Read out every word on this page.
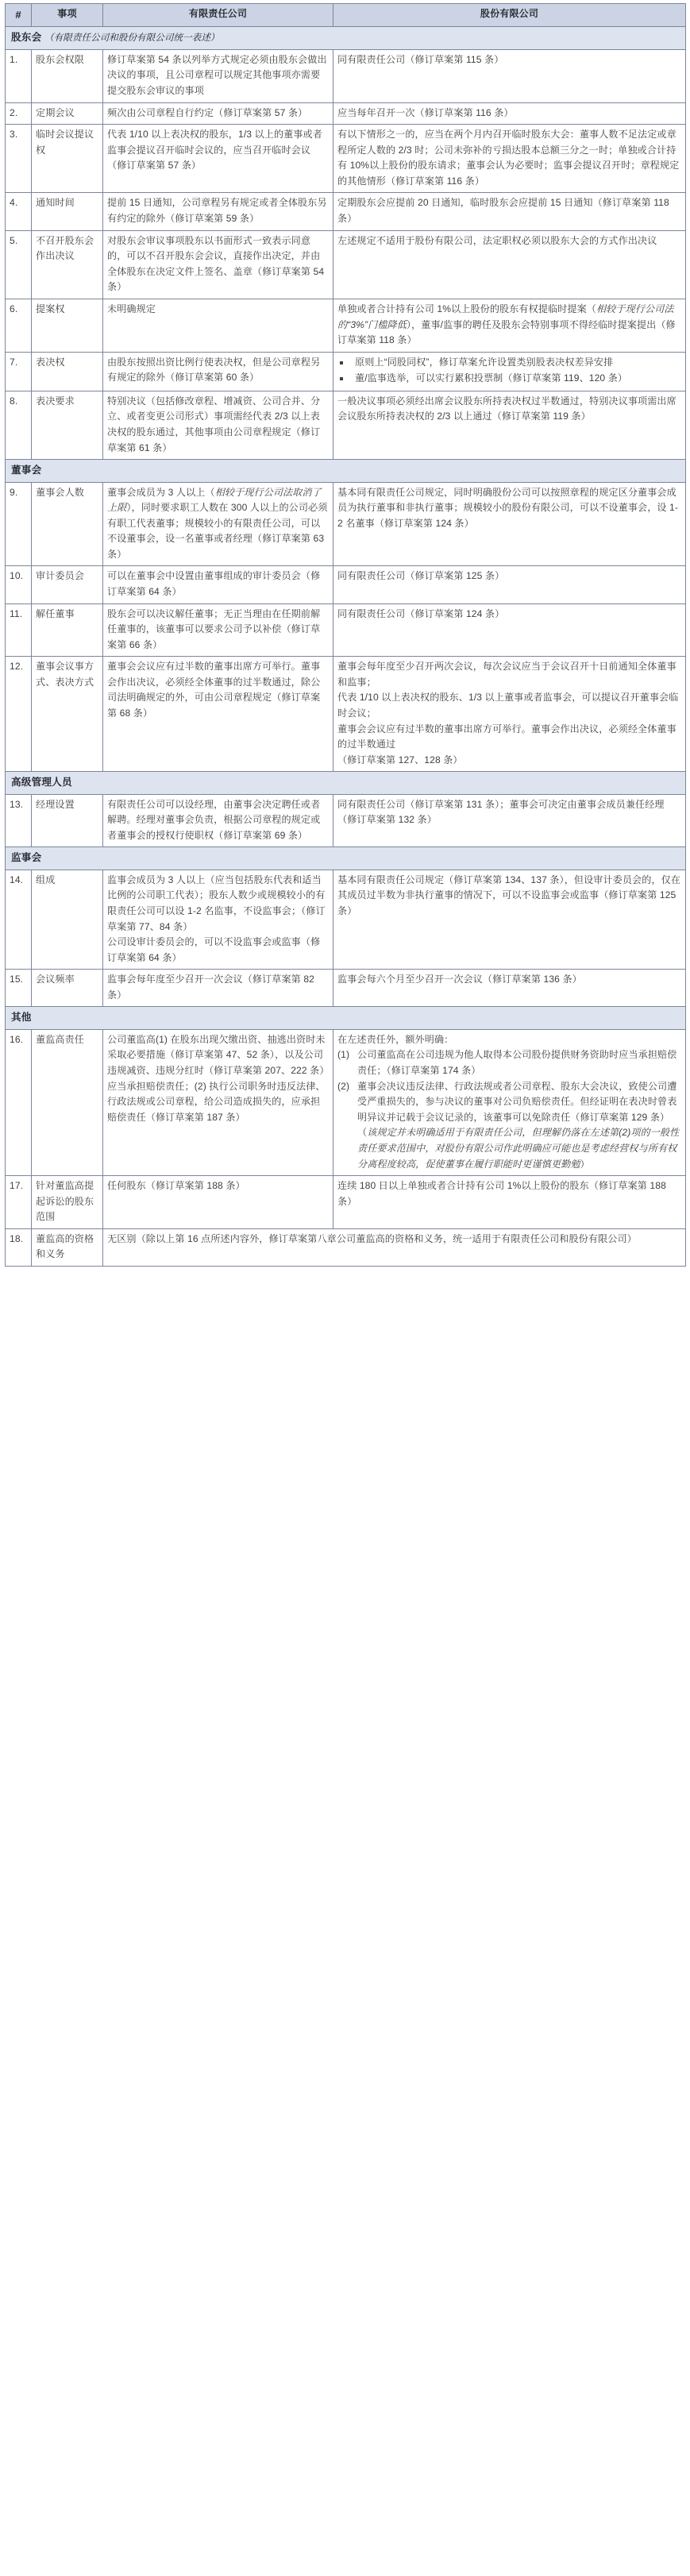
#	事项	有限责任公司	股份有限公司
股东会 （有限责任公司和股份有限公司统一表述）			
1.	股东会权限	修订草案第 54 条以列举方式规定必须由股东会做出决议的事项，且公司章程可以规定其他事项亦需要提交股东会审议的事项	同有限责任公司（修订草案第 115 条）
2.	定期会议	频次由公司章程自行约定（修订草案第 57 条）	应当每年召开一次（修订草案第 116 条）
3.	临时会议提议权	代表 1/10 以上表决权的股东，1/3 以上的董事或者监事会提议召开临时会议的，应当召开临时会议（修订草案第 57 条）	有以下情形之一的，应当在两个月内召开临时股东大会：董事人数不足法定或章程所定人数的 2/3 时；公司未弥补的亏损达股本总额三分之一时；单独或合计持有 10%以上股份的股东请求；董事会认为必要时；监事会提议召开时；章程规定的其他情形（修订草案第 116 条）
4.	通知时间	提前 15 日通知，公司章程另有规定或者全体股东另有约定的除外（修订草案第 59 条）	定期股东会应提前 20 日通知，临时股东会应提前 15 日通知（修订草案第 118 条）
5.	不召开股东会作出决议	对股东会审议事项股东以书面形式一致表示同意的，可以不召开股东会会议，直接作出决定，并由全体股东在决定文件上签名、盖章（修订草案第 54 条）	左述规定不适用于股份有限公司，法定职权必须以股东大会的方式作出决议
6.	提案权	未明确规定	单独或者合计持有公司 1%以上股份的股东有权提临时提案（相较于现行公司法的“3%”门槛降低），董事/监事的聘任及股东会特别事项不得经临时提案提出（修订草案第 118 条）
7.	表决权	由股东按照出资比例行使表决权，但是公司章程另有规定的除外（修订草案第 60 条）	
原则上“同股同权”，修订草案允许设置类别股表决权差异安排
董/监事选举，可以实行累积投票制（修订草案第 119、120 条）

8.	表决要求	特别决议（包括修改章程、增减资、公司合并、分立、或者变更公司形式）事项需经代表 2/3 以上表决权的股东通过，其他事项由公司章程规定（修订草案第 61 条）	一般决议事项必须经出席会议股东所持表决权过半数通过，特别决议事项需出席会议股东所持表决权的 2/3 以上通过（修订草案第 119 条）
董事会			
9.	董事会人数	董事会成员为 3 人以上（相较于现行公司法取消了上限），同时要求职工人数在 300 人以上的公司必须有职工代表董事；规模较小的有限责任公司，可以不设董事会，设一名董事或者经理（修订草案第 63 条）	基本同有限责任公司规定，同时明确股份公司可以按照章程的规定区分董事会成员为执行董事和非执行董事；规模较小的股份有限公司，可以不设董事会，设 1-2 名董事（修订草案第 124 条）
10.	审计委员会	可以在董事会中设置由董事组成的审计委员会（修订草案第 64 条）	同有限责任公司（修订草案第 125 条）
11.	解任董事	股东会可以决议解任董事；无正当理由在任期前解任董事的，该董事可以要求公司予以补偿（修订草案第 66 条）	同有限责任公司（修订草案第 124 条）
12.	董事会议事方式、表决方式	董事会会议应有过半数的董事出席方可举行。董事会作出决议，必须经全体董事的过半数通过，除公司法明确规定的外，可由公司章程规定（修订草案第 68 条）	董事会每年度至少召开两次会议，每次会议应当于会议召开十日前通知全体董事和监事；

代表 1/10 以上表决权的股东、1/3 以上董事或者监事会，可以提议召开董事会临时会议；

董事会会议应有过半数的董事出席方可举行。董事会作出决议，必须经全体董事的过半数通过

（修订草案第 127、128 条）

高级管理人员			
13.	经理设置	有限责任公司可以设经理，由董事会决定聘任或者解聘。经理对董事会负责，根据公司章程的规定或者董事会的授权行使职权（修订草案第 69 条）	同有限责任公司（修订草案第 131 条）；董事会可决定由董事会成员兼任经理（修订草案第 132 条）
监事会			
14.	组成	监事会成员为 3 人以上（应当包括股东代表和适当比例的公司职工代表）；股东人数少或规模较小的有限责任公司可以设 1-2 名监事，不设监事会；（修订草案第 77、84 条）

公司设审计委员会的，可以不设监事会或监事（修订草案第 64 条）	基本同有限责任公司规定（修订草案第 134、137 条），但设审计委员会的，仅在其成员过半数为非执行董事的情况下，可以不设监事会或监事（修订草案第 125 条）
15.	会议频率	监事会每年度至少召开一次会议（修订草案第 82 条）	监事会每六个月至少召开一次会议（修订草案第 136 条）
其他			
16.	董监高责任	公司董监高(1) 在股东出现欠缴出资、抽逃出资时未采取必要措施（修订草案第 47、52 条），以及公司违规减资、违规分红时（修订草案第 207、222 条）应当承担赔偿责任；(2) 执行公司职务时违反法律、行政法规或公司章程，给公司造成损失的，应承担赔偿责任（修订草案第 187 条）	

在左述责任外，额外明确：

公司董监高在公司违规为他人取得本公司股份提供财务资助时应当承担赔偿责任；（修订草案第 174 条）
董事会决议违反法律、行政法规或者公司章程、股东大会决议，致使公司遭受严重损失的，参与决议的董事对公司负赔偿责任。但经证明在表决时曾表明异议并记载于会议记录的，该董事可以免除责任（修订草案第 129 条）（该规定并未明确适用于有限责任公司，但理解仍落在左述第(2)项的一般性责任要求范围中，对股份有限公司作此明确应可能也是考虑经营权与所有权分离程度较高，促使董事在履行职能时更谨慎更勤勉）

17.	针对董监高提起诉讼的股东范围	任何股东（修订草案第 188 条）	连续 180 日以上单独或者合计持有公司 1%以上股份的股东（修订草案第 188 条）
18.	董监高的资格和义务	无区别（除以上第 16 点所述内容外，修订草案第八章公司董监高的资格和义务，统一适用于有限责任公司和股份有限公司）	
